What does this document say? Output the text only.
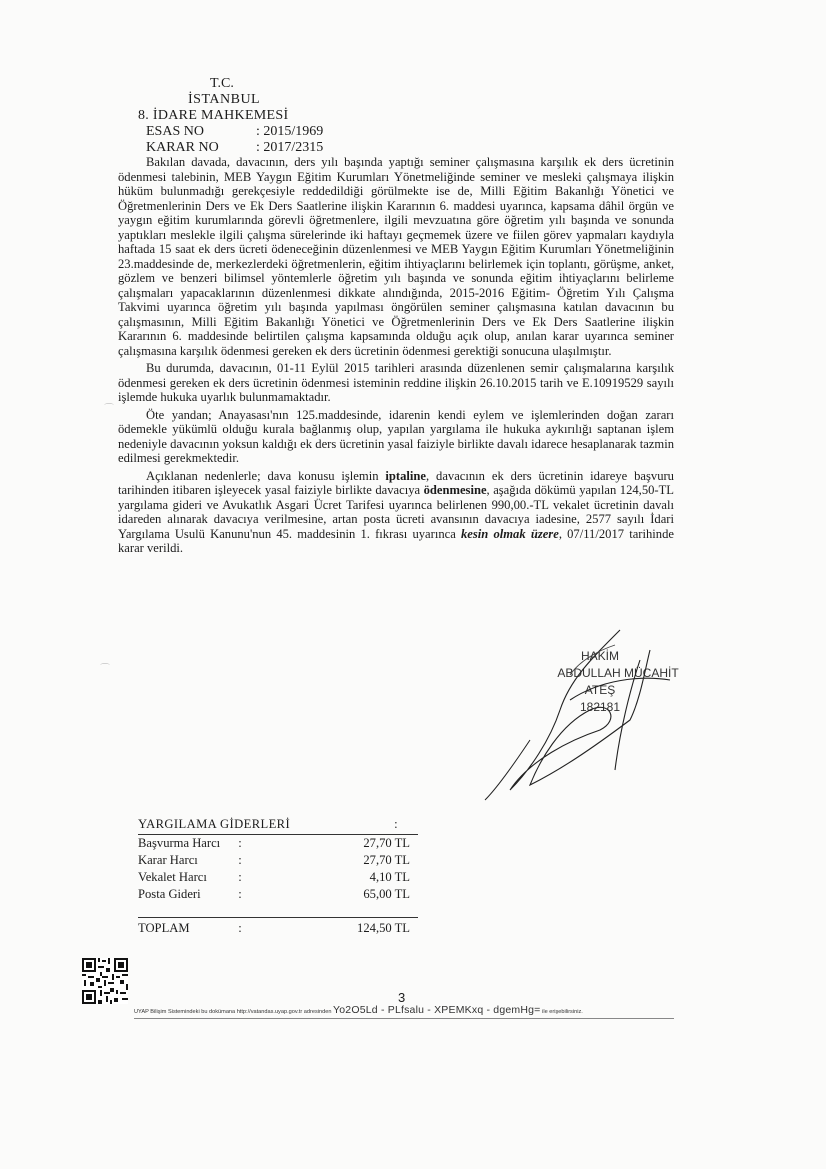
T.C.
İSTANBUL
8. İDARE MAHKEMESİ
ESAS NO	: 2015/1969
KARAR NO	: 2017/2315

Bakılan davada, davacının, ders yılı başında yaptığı seminer çalışmasına karşılık ek ders ücretinin ödenmesi talebinin, MEB Yaygın Eğitim Kurumları Yönetmeliğinde seminer ve mesleki çalışmaya ilişkin hüküm bulunmadığı gerekçesiyle reddedildiği görülmekte ise de, Milli Eğitim Bakanlığı Yönetici ve Öğretmenlerinin Ders ve Ek Ders Saatlerine ilişkin Kararının 6. maddesi uyarınca, kapsama dâhil örgün ve yaygın eğitim kurumlarında görevli öğretmenlere, ilgili mevzuatına göre öğretim yılı başında ve sonunda yaptıkları meslekle ilgili çalışma sürelerinde iki haftayı geçmemek üzere ve fiilen görev yapmaları kaydıyla haftada 15 saat ek ders ücreti ödeneceğinin düzenlenmesi ve MEB Yaygın Eğitim Kurumları Yönetmeliğinin 23.maddesinde de, merkezlerdeki öğretmenlerin, eğitim ihtiyaçlarını belirlemek için toplantı, görüşme, anket, gözlem ve benzeri bilimsel yöntemlerle öğretim yılı başında ve sonunda eğitim ihtiyaçlarını belirleme çalışmaları yapacaklarının düzenlenmesi dikkate alındığında, 2015-2016 Eğitim- Öğretim Yılı Çalışma Takvimi uyarınca öğretim yılı başında yapılması öngörülen seminer çalışmasına katılan davacının bu çalışmasının, Milli Eğitim Bakanlığı Yönetici ve Öğretmenlerinin Ders ve Ek Ders Saatlerine ilişkin Kararının 6. maddesinde belirtilen çalışma kapsamında olduğu açık olup, anılan karar uyarınca seminer çalışmasına karşılık ödenmesi gereken ek ders ücretinin ödenmesi gerektiği sonucuna ulaşılmıştır.

Bu durumda, davacının, 01-11 Eylül 2015 tarihleri arasında düzenlenen semir çalışmalarına karşılık ödenmesi gereken ek ders ücretinin ödenmesi isteminin reddine ilişkin 26.10.2015 tarih ve E.10919529 sayılı işlemde hukuka uyarlık bulunmamaktadır.

Öte yandan; Anayasası'nın 125.maddesinde, idarenin kendi eylem ve işlemlerinden doğan zararı ödemekle yükümlü olduğu kurala bağlanmış olup, yapılan yargılama ile hukuka aykırılığı saptanan işlem nedeniyle davacının yoksun kaldığı ek ders ücretinin yasal faiziyle birlikte davalı idarece hesaplanarak tazmin edilmesi gerekmektedir.

Açıklanan nedenlerle; dava konusu işlemin iptaline, davacının ek ders ücretinin idareye başvuru tarihinden itibaren işleyecek yasal faiziyle birlikte davacıya ödenmesine, aşağıda dökümü yapılan 124,50-TL yargılama gideri ve Avukatlık Asgari Ücret Tarifesi uyarınca belirlenen 990,00.-TL vekalet ücretinin davalı idareden alınarak davacıya verilmesine, artan posta ücreti avansının davacıya iadesine, 2577 sayılı İdari Yargılama Usulü Kanunu'nun 45. maddesinin 1. fıkrası uyarınca kesin olmak üzere, 07/11/2017 tarihinde karar verildi.

HAKİM
ABDULLAH MÜCAHİT
ATEŞ
182181
YARGILAMA GİDERLERİ	:
Başvurma Harcı	:	27,70 TL
Karar Harcı	:	27,70 TL
Vekalet Harcı	:	4,10 TL
Posta Gideri	:	65,00 TL
TOPLAM	:	124,50 TL
3
UYAP Bilişim Sistemindeki bu dokümana http://vatandas.uyap.gov.tr adresinden Yo2O5Ld - PLfsalu - XPEMKxq - dgemHg= ile erişebilirsiniz.
⌒
⌒
